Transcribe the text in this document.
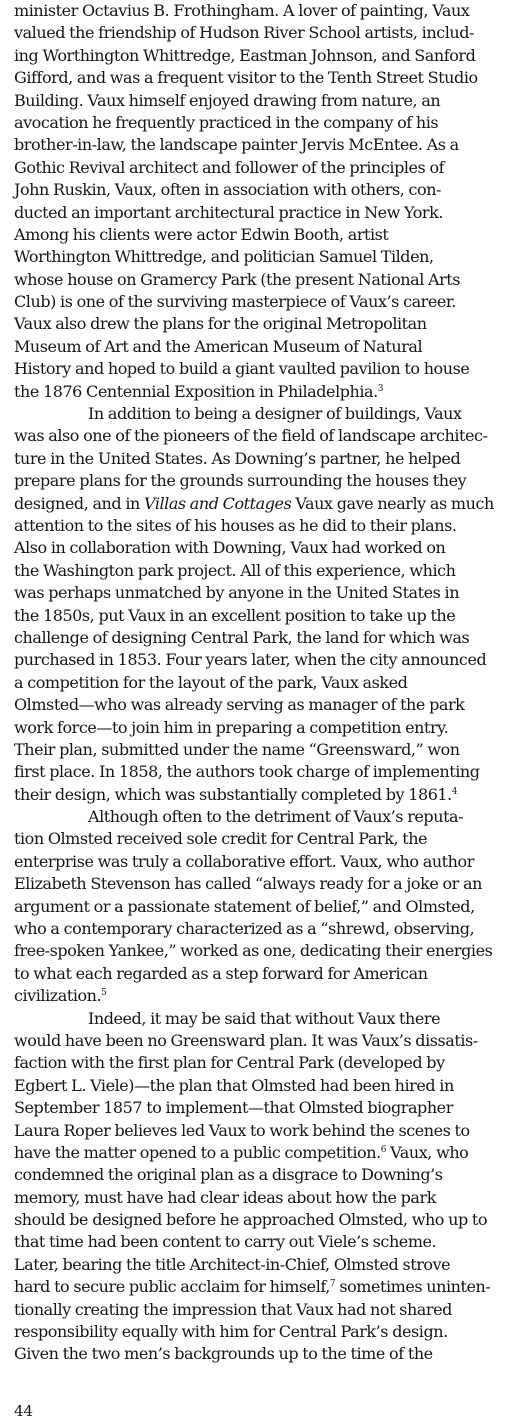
minister Octavius B. Frothingham. A lover of painting, Vaux
valued the friendship of Hudson River School artists, includ-
ing Worthington Whittredge, Eastman Johnson, and Sanford
Gifford, and was a frequent visitor to the Tenth Street Studio
Building. Vaux himself enjoyed drawing from nature, an
avocation he frequently practiced in the company of his
brother-in-law, the landscape painter Jervis McEntee. As a
Gothic Revival architect and follower of the principles of
John Ruskin, Vaux, often in association with others, con-
ducted an important architectural practice in New York.
Among his clients were actor Edwin Booth, artist
Worthington Whittredge, and politician Samuel Tilden,
whose house on Gramercy Park (the present National Arts
Club) is one of the surviving masterpiece of Vaux’s career.
Vaux also drew the plans for the original Metropolitan
Museum of Art and the American Museum of Natural
History and hoped to build a giant vaulted pavilion to house
the 1876 Centennial Exposition in Philadelphia.$^3$

In addition to being a designer of buildings, Vaux
was also one of the pioneers of the field of landscape architec-
ture in the United States. As Downing’s partner, he helped
prepare plans for the grounds surrounding the houses they
designed, and in Villas and Cottages Vaux gave nearly as much
attention to the sites of his houses as he did to their plans.
Also in collaboration with Downing, Vaux had worked on
the Washington park project. All of this experience, which
was perhaps unmatched by anyone in the United States in
the 1850s, put Vaux in an excellent position to take up the
challenge of designing Central Park, the land for which was
purchased in 1853. Four years later, when the city announced
a competition for the layout of the park, Vaux asked
Olmsted—who was already serving as manager of the park
work force—to join him in preparing a competition entry.
Their plan, submitted under the name “Greensward,” won
first place. In 1858, the authors took charge of implementing
their design, which was substantially completed by 1861.$^4$

Although often to the detriment of Vaux’s reputa-
tion Olmsted received sole credit for Central Park, the
enterprise was truly a collaborative effort. Vaux, who author
Elizabeth Stevenson has called “always ready for a joke or an
argument or a passionate statement of belief,” and Olmsted,
who a contemporary characterized as a “shrewd, observing,
free-spoken Yankee,” worked as one, dedicating their energies
to what each regarded as a step forward for American
civilization.$^5$

Indeed, it may be said that without Vaux there
would have been no Greensward plan. It was Vaux’s dissatis-
faction with the first plan for Central Park (developed by
Egbert L. Viele)—the plan that Olmsted had been hired in
September 1857 to implement—that Olmsted biographer
Laura Roper believes led Vaux to work behind the scenes to
have the matter opened to a public competition.$^6$ Vaux, who
condemned the original plan as a disgrace to Downing’s
memory, must have had clear ideas about how the park
should be designed before he approached Olmsted, who up to
that time had been content to carry out Viele’s scheme.
Later, bearing the title Architect-in-Chief, Olmsted strove
hard to secure public acclaim for himself,$^7$ sometimes uninten-
tionally creating the impression that Vaux had not shared
responsibility equally with him for Central Park’s design.
Given the two men’s backgrounds up to the time of the

44
